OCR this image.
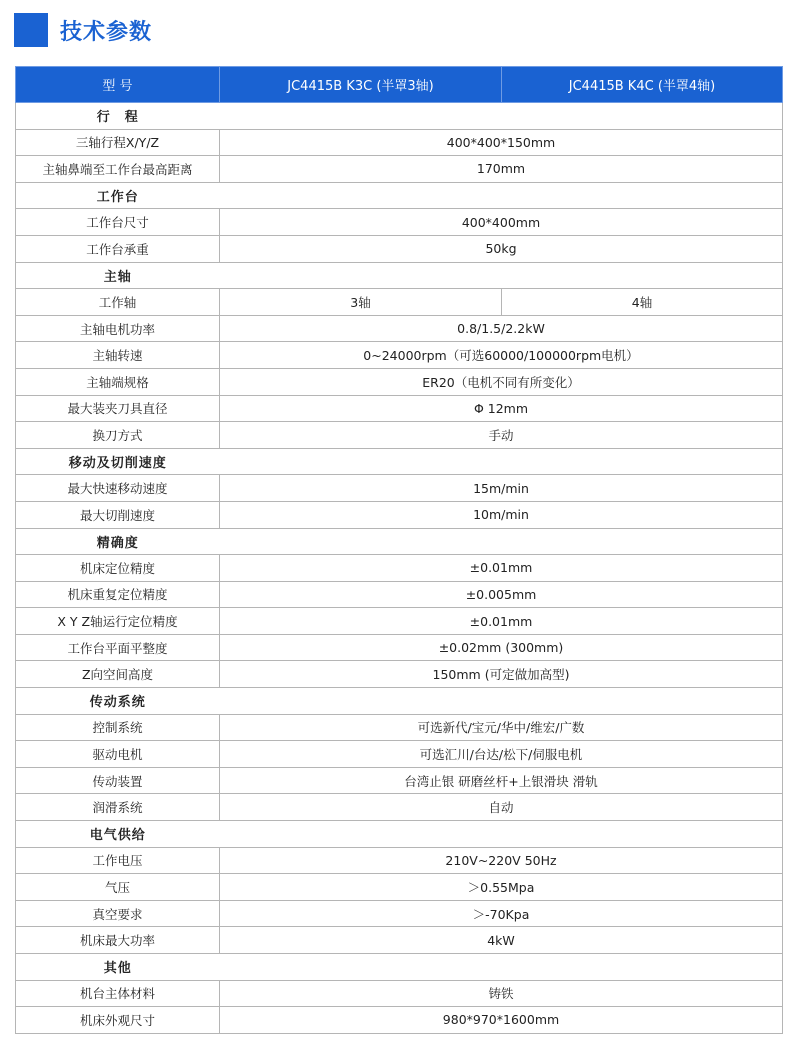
技术参数
型 号	JC4415B K3C (半罩3轴)	JC4415B K4C (半罩4轴)
行　程		
三轴行程X/Y/Z	400*400*150mm	
主轴鼻端至工作台最高距离	170mm	
工作台		
工作台尺寸	400*400mm	
工作台承重	50kg	
主轴		
工作轴	3轴	4轴
主轴电机功率	0.8/1.5/2.2kW	
主轴转速	0~24000rpm（可选60000/100000rpm电机）	
主轴端规格	ER20（电机不同有所变化）	
最大装夹刀具直径	Φ 12mm	
换刀方式	手动	
移动及切削速度		
最大快速移动速度	15m/min	
最大切削速度	10m/min	
精确度		
机床定位精度	±0.01mm	
机床重复定位精度	±0.005mm	
X Y Z轴运行定位精度	±0.01mm	
工作台平面平整度	±0.02mm (300mm)	
Z向空间高度	150mm (可定做加高型)	
传动系统		
控制系统	可选新代/宝元/华中/维宏/广数	
驱动电机	可选汇川/台达/松下/伺服电机	
传动装置	台湾止银 研磨丝杆+上银滑块 滑轨	
润滑系统	自动	
电气供给		
工作电压	210V~220V 50Hz	
气压	＞0.55Mpa	
真空要求	＞-70Kpa	
机床最大功率	4kW	
其他		
机台主体材料	铸铁	
机床外观尺寸	980*970*1600mm	
